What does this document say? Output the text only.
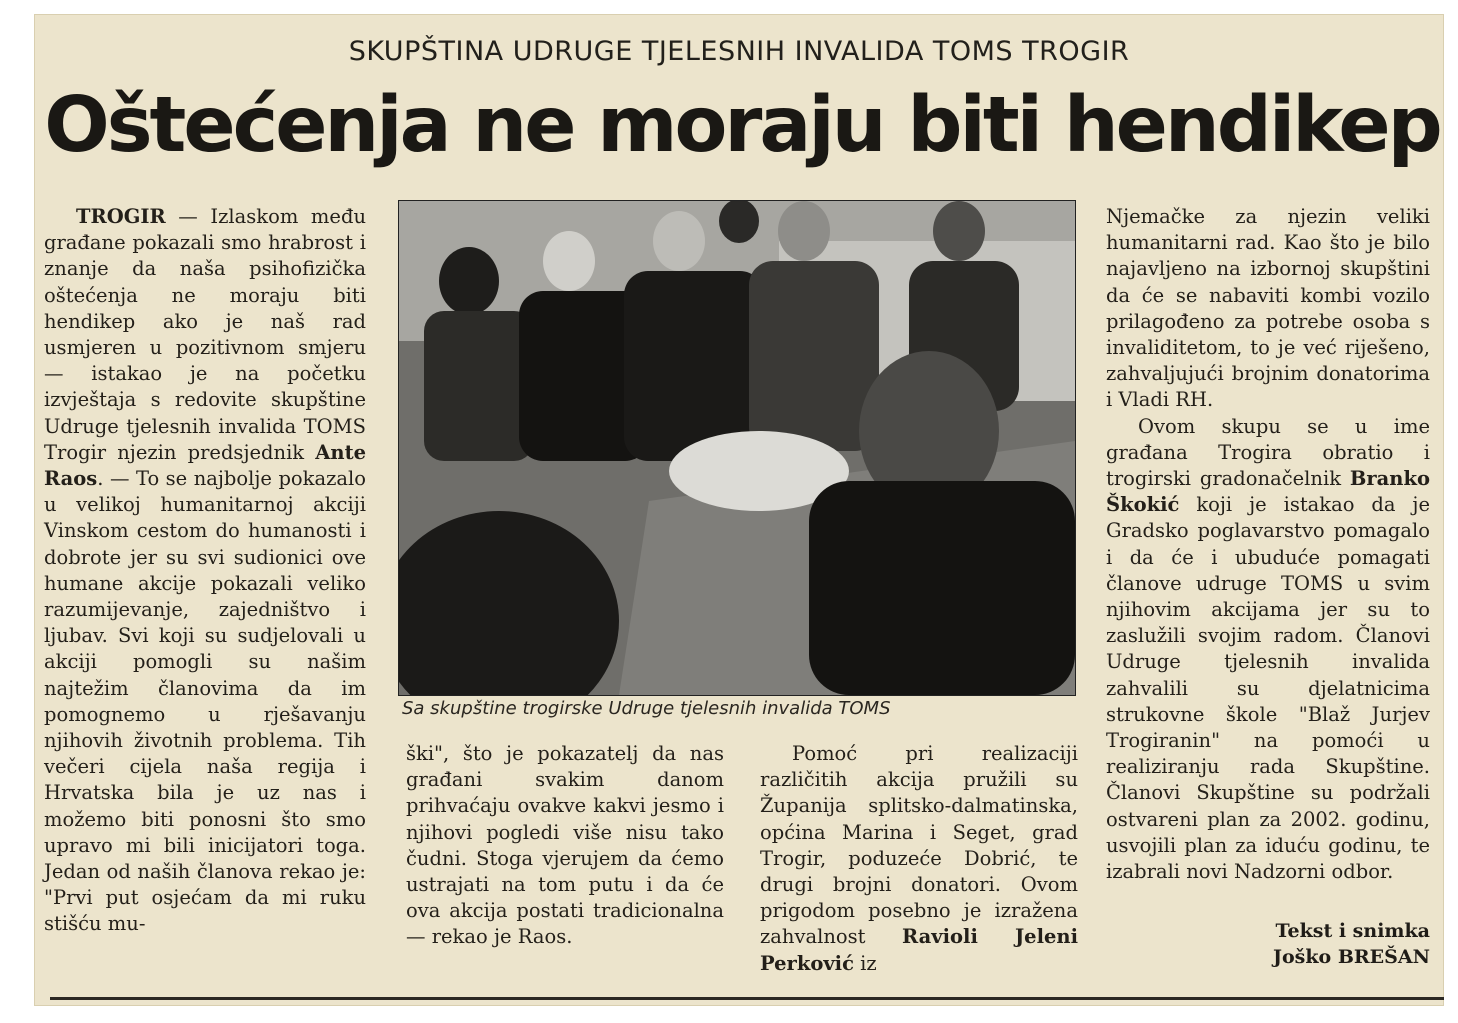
SKUPŠTINA UDRUGE TJELESNIH INVALIDA TOMS TROGIR
Oštećenja ne moraju biti hendikep

TROGIR — Izlaskom među građane pokazali smo hrabrost i znanje da naša psihofizička oštećenja ne moraju biti hendikep ako je naš rad usmjeren u pozitivnom smjeru — istakao je na početku izvještaja s redovite skupštine Udruge tjelesnih invalida TOMS Trogir njezin predsjednik Ante Raos. — To se najbolje pokazalo u velikoj humanitarnoj akciji Vinskom cestom do humanosti i dobrote jer su svi sudionici ove humane akcije pokazali veliko razumijevanje, zajedništvo i ljubav. Svi koji su sudjelovali u akciji pomogli su našim najtežim članovima da im pomognemo u rješavanju njihovih životnih problema. Tih večeri cijela naša regija i Hrvatska bila je uz nas i možemo biti ponosni što smo upravo mi bili inicijatori toga. Jedan od naših članova rekao je: "Prvi put osjećam da mi ruku stišću mu-

Sa skupštine trogirske Udruge tjelesnih invalida TOMS

ški", što je pokazatelj da nas građani svakim danom prihvaćaju ovakve kakvi jesmo i njihovi pogledi više nisu tako čudni. Stoga vjerujem da ćemo ustrajati na tom putu i da će ova akcija postati tradicionalna — rekao je Raos.

Pomoć pri realizaciji različitih akcija pružili su Županija splitsko-dalmatinska, općina Marina i Seget, grad Trogir, poduzeće Dobrić, te drugi brojni donatori. Ovom prigodom posebno je izražena zahvalnost Ravioli Jeleni Perković iz

Njemačke za njezin veliki humanitarni rad. Kao što je bilo najavljeno na izbornoj skupštini da će se nabaviti kombi vozilo prilagođeno za potrebe osoba s invaliditetom, to je već riješeno, zahvaljujući brojnim donatorima i Vladi RH.

Ovom skupu se u ime građana Trogira obratio i trogirski gradonačelnik Branko Škokić koji je istakao da je Gradsko poglavarstvo pomagalo i da će i ubuduće pomagati članove udruge TOMS u svim njihovim akcijama jer su to zaslužili svojim radom. Članovi Udruge tjelesnih invalida zahvalili su djelatnicima strukovne škole "Blaž Jurjev Trogiranin" na pomoći u realiziranju rada Skupštine. Članovi Skupštine su podržali ostvareni plan za 2002. godinu, usvojili plan za iduću godinu, te izabrali novi Nadzorni odbor.

Tekst i snimka
Joško BREŠAN
